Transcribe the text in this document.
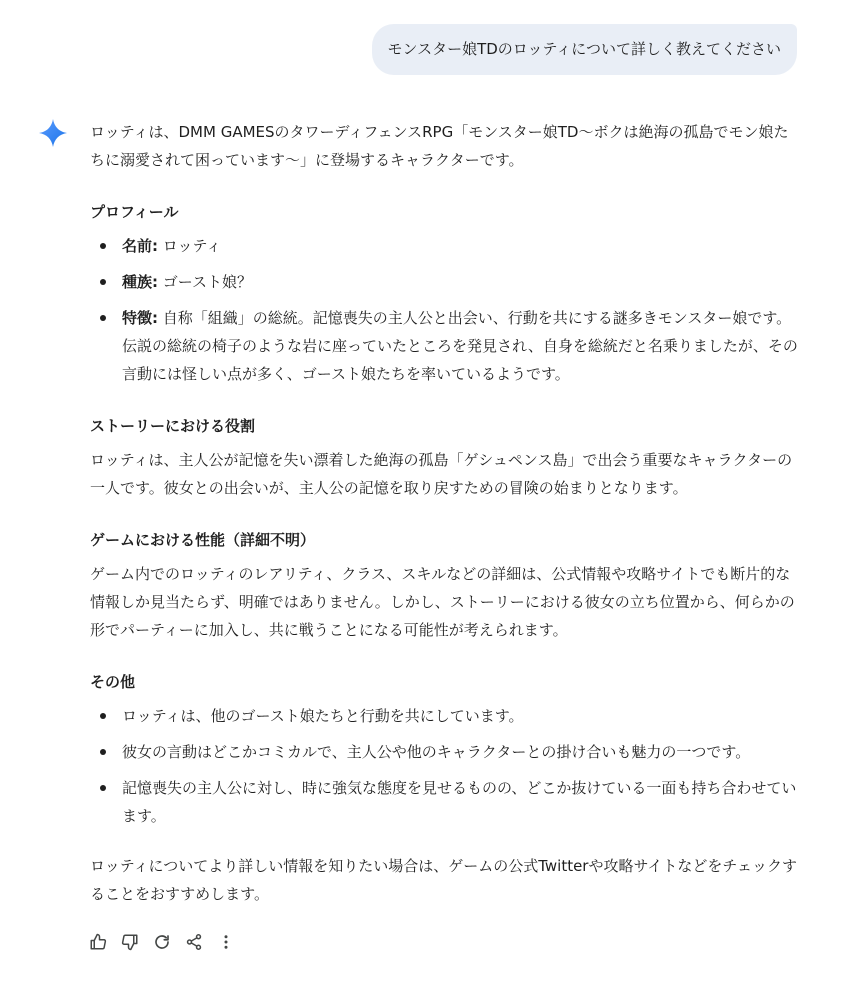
モンスター娘TDのロッティについて詳しく教えてください

ロッティは、DMM GAMESのタワーディフェンスRPG「モンスター娘TD〜ボクは絶海の孤島でモン娘たちに溺愛されて困っています〜」に登場するキャラクターです。

プロフィール

名前: ロッティ
種族: ゴースト娘？
特徴: 自称「組織」の総統。記憶喪失の主人公と出会い、行動を共にする謎多きモンスター娘です。伝説の総統の椅子のような岩に座っていたところを発見され、自身を総統だと名乗りましたが、その言動には怪しい点が多く、ゴースト娘たちを率いているようです。

ストーリーにおける役割

ロッティは、主人公が記憶を失い漂着した絶海の孤島「ゲシュペンス島」で出会う重要なキャラクターの一人です。彼女との出会いが、主人公の記憶を取り戻すための冒険の始まりとなります。

ゲームにおける性能（詳細不明）

ゲーム内でのロッティのレアリティ、クラス、スキルなどの詳細は、公式情報や攻略サイトでも断片的な情報しか見当たらず、明確ではありません。しかし、ストーリーにおける彼女の立ち位置から、何らかの形でパーティーに加入し、共に戦うことになる可能性が考えられます。

その他

ロッティは、他のゴースト娘たちと行動を共にしています。
彼女の言動はどこかコミカルで、主人公や他のキャラクターとの掛け合いも魅力の一つです。
記憶喪失の主人公に対し、時に強気な態度を見せるものの、どこか抜けている一面も持ち合わせています。

ロッティについてより詳しい情報を知りたい場合は、ゲームの公式Twitterや攻略サイトなどをチェックすることをおすすめします。
